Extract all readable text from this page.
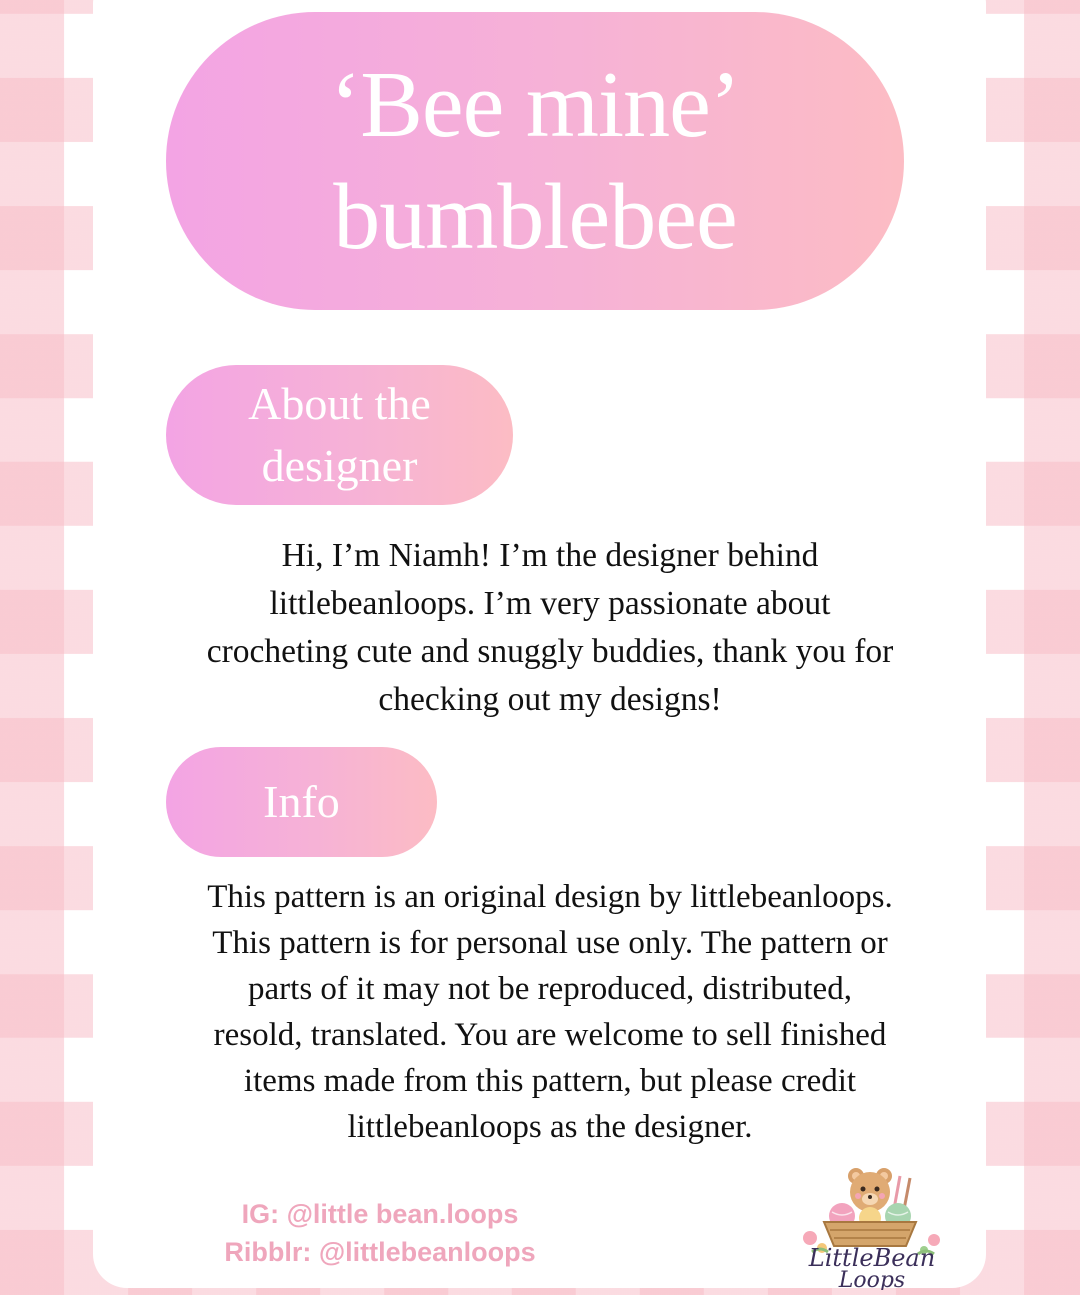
‘Bee mine’
bumblebee
About the
designer
Hi, I’m Niamh! I’m the designer behind
littlebeanloops. I’m very passionate about
crocheting cute and snuggly buddies, thank you for
checking out my designs!
Info
This pattern is an original design by littlebeanloops.
This pattern is for personal use only. The pattern or
parts of it may not be reproduced, distributed,
resold, translated. You are welcome to sell finished
items made from this pattern, but please credit
littlebeanloops as the designer.
IG: @little bean.loops
Ribblr: @littlebeanloops	LittleBean
Loops
